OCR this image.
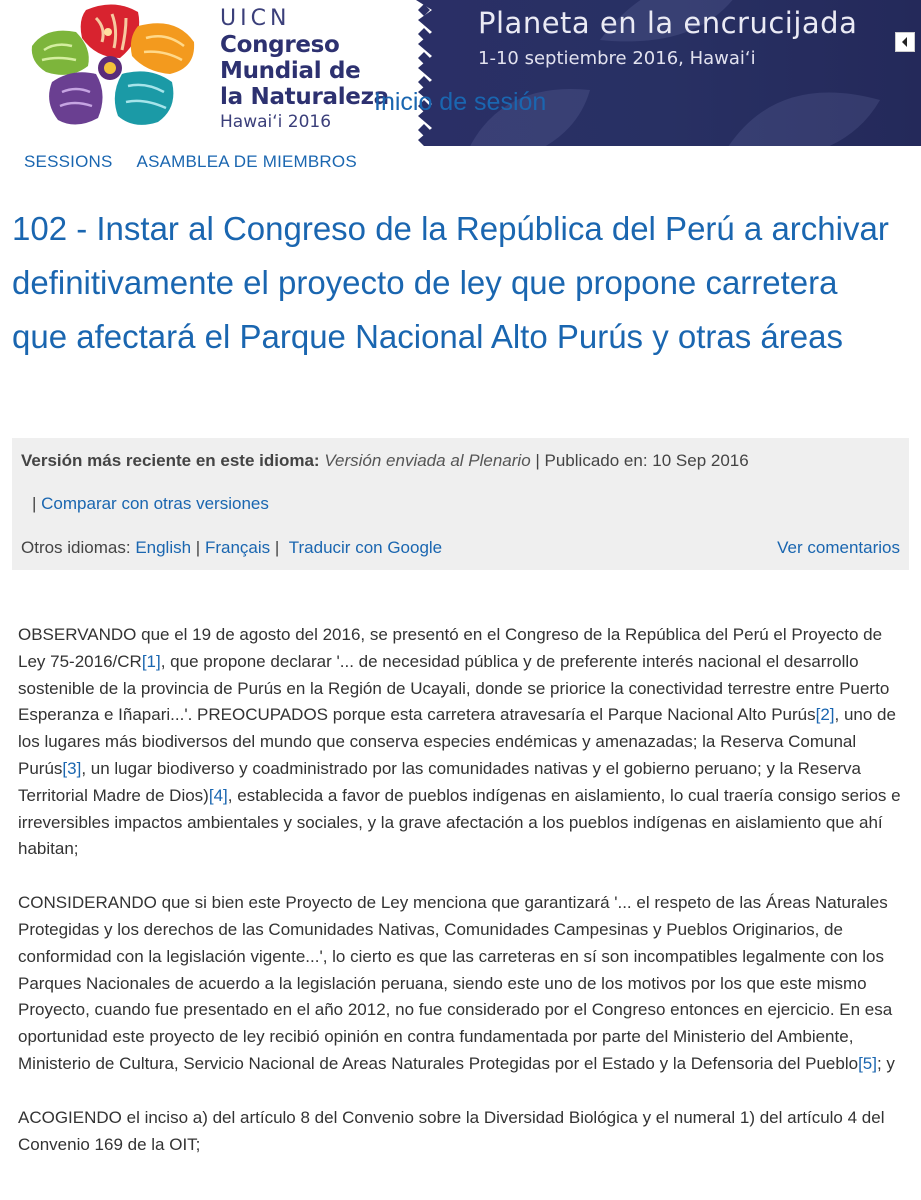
UICN
Congreso
Mundial de
la Naturaleza
Hawai‘i 2016
Planeta en la encrucijada
1-10 septiembre 2016, Hawai‘i
Inicio de sesión
SESSIONS ASAMBLEA DE MIEMBROS
102 - Instar al Congreso de la República del Perú a archivar definitivamente el proyecto de ley que propone carretera que afectará el Parque Nacional Alto Purús y otras áreas
Versión más reciente en este idioma: Versión enviada al Plenario | Publicado en: 10 Sep 2016
| Comparar con otras versiones
Otros idiomas: English | Français |  Traducir con Google	Ver comentarios

OBSERVANDO que el 19 de agosto del 2016, se presentó en el Congreso de la República del Perú el Proyecto de Ley 75-2016/CR[1], que propone declarar '... de necesidad pública y de preferente interés nacional el desarrollo sostenible de la provincia de Purús en la Región de Ucayali, donde se priorice la conectividad terrestre entre Puerto Esperanza e Iñapari...'. PREOCUPADOS porque esta carretera atravesaría el Parque Nacional Alto Purús[2], uno de los lugares más biodiversos del mundo que conserva especies endémicas y amenazadas; la Reserva Comunal Purús[3], un lugar biodiverso y coadministrado por las comunidades nativas y el gobierno peruano; y la Reserva Territorial Madre de Dios)[4], establecida a favor de pueblos indígenas en aislamiento, lo cual traería consigo serios e irreversibles impactos ambientales y sociales, y la grave afectación a los pueblos indígenas en aislamiento que ahí habitan;

CONSIDERANDO que si bien este Proyecto de Ley menciona que garantizará '... el respeto de las Áreas Naturales Protegidas y los derechos de las Comunidades Nativas, Comunidades Campesinas y Pueblos Originarios, de conformidad con la legislación vigente...', lo cierto es que las carreteras en sí son incompatibles legalmente con los Parques Nacionales de acuerdo a la legislación peruana, siendo este uno de los motivos por los que este mismo Proyecto, cuando fue presentado en el año 2012, no fue considerado por el Congreso entonces en ejercicio. En esa oportunidad este proyecto de ley recibió opinión en contra fundamentada por parte del Ministerio del Ambiente, Ministerio de Cultura, Servicio Nacional de Areas Naturales Protegidas por el Estado y la Defensoria del Pueblo[5]; y

ACOGIENDO el inciso a) del artículo 8 del Convenio sobre la Diversidad Biológica y el numeral 1) del artículo 4 del Convenio 169 de la OIT;
